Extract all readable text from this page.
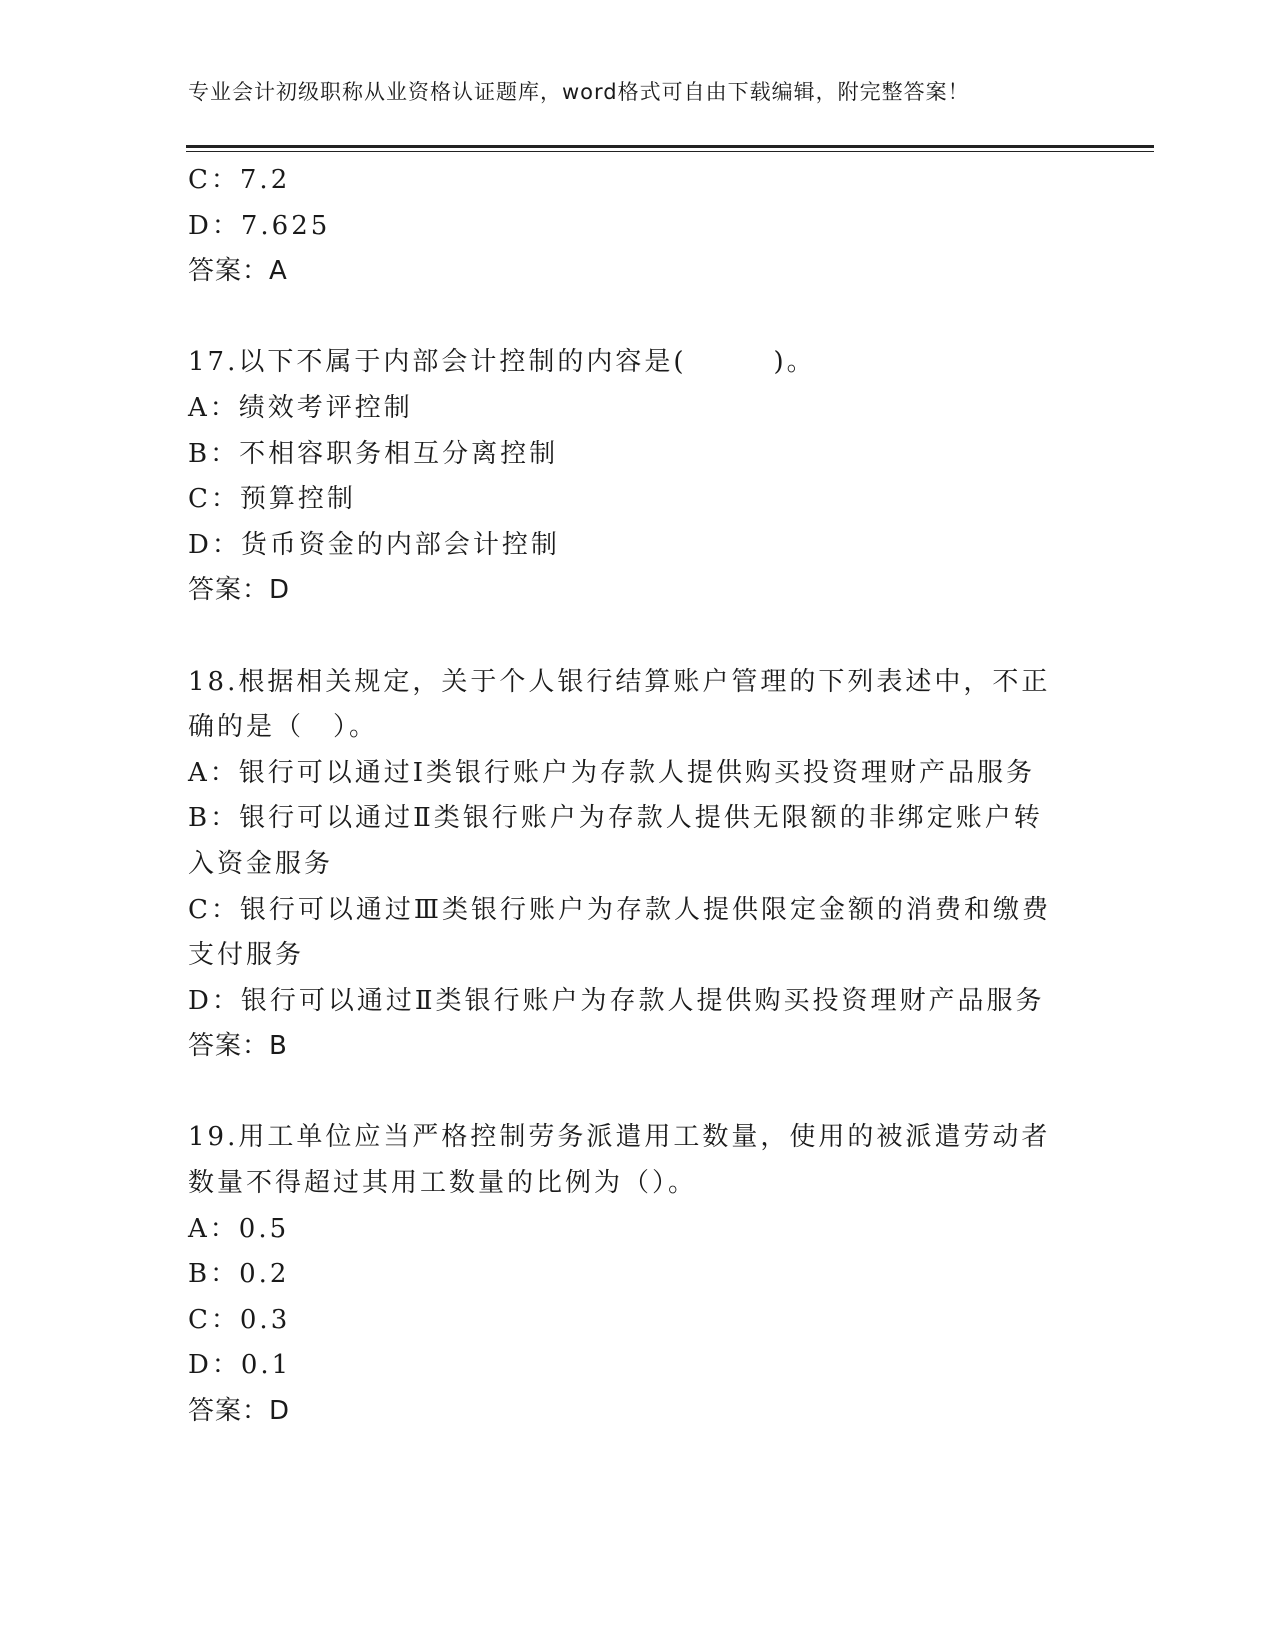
专业会计初级职称从业资格认证题库，word格式可自由下载编辑，附完整答案！
C：7.2
D：7.625
答案：A
17.以下不属于内部会计控制的内容是(　　　)。
A：绩效考评控制
B：不相容职务相互分离控制
C：预算控制
D：货币资金的内部会计控制
答案：D
18.根据相关规定，关于个人银行结算账户管理的下列表述中，不正确的是（　）。
A：银行可以通过Ⅰ类银行账户为存款人提供购买投资理财产品服务
B：银行可以通过Ⅱ类银行账户为存款人提供无限额的非绑定账户转入资金服务
C：银行可以通过Ⅲ类银行账户为存款人提供限定金额的消费和缴费支付服务
D：银行可以通过Ⅱ类银行账户为存款人提供购买投资理财产品服务
答案：B
19.用工单位应当严格控制劳务派遣用工数量，使用的被派遣劳动者数量不得超过其用工数量的比例为（）。
A：0.5
B：0.2
C：0.3
D：0.1
答案：D
